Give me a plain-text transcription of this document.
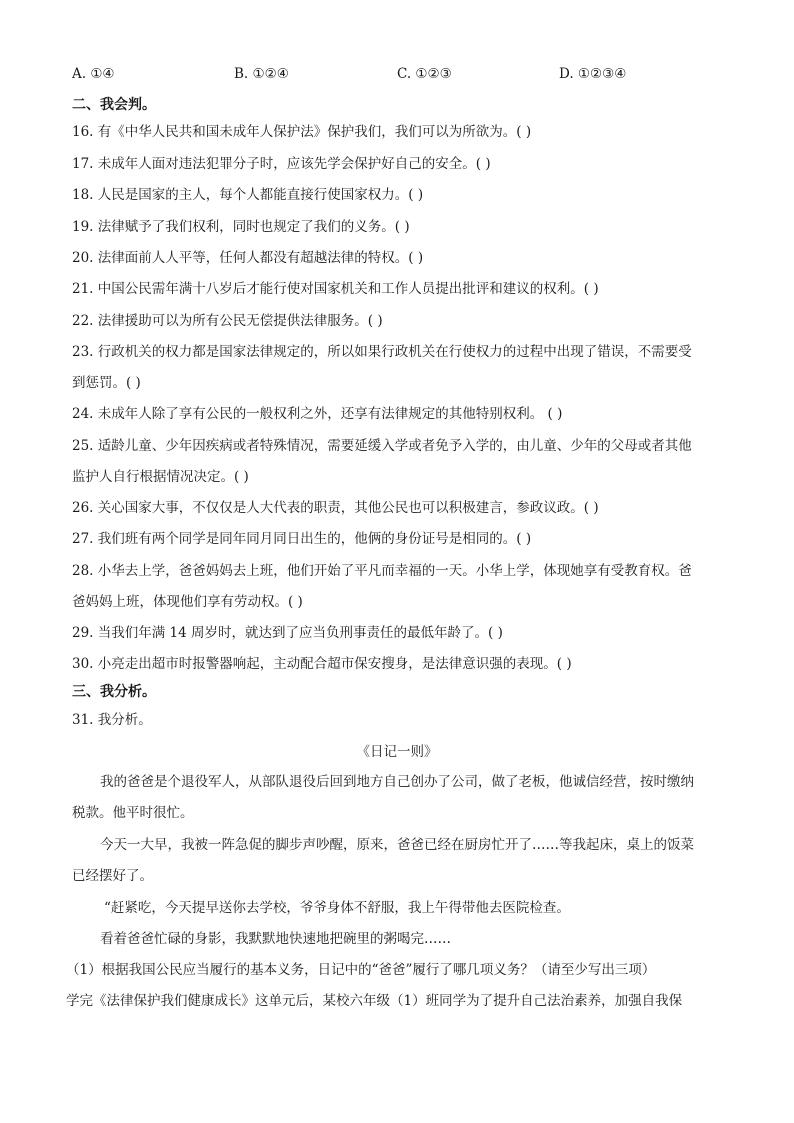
A. ①④	B. ①②④	C. ①②③	D. ①②③④
二、我会判。
16. 有《中华人民共和国未成年人保护法》保护我们，我们可以为所欲为。( )
17. 未成年人面对违法犯罪分子时，应该先学会保护好自己的安全。( )
18. 人民是国家的主人，每个人都能直接行使国家权力。( )
19. 法律赋予了我们权利，同时也规定了我们的义务。( )
20. 法律面前人人平等，任何人都没有超越法律的特权。( )
21. 中国公民需年满十八岁后才能行使对国家机关和工作人员提出批评和建议的权利。( )
22. 法律援助可以为所有公民无偿提供法律服务。( )
23. 行政机关的权力都是国家法律规定的，所以如果行政机关在行使权力的过程中出现了错误，不需要受
到惩罚。( )
24. 未成年人除了享有公民的一般权利之外，还享有法律规定的其他特别权利。 ( )
25. 适龄儿童、少年因疾病或者特殊情况，需要延缓入学或者免予入学的，由儿童、少年的父母或者其他
监护人自行根据情况决定。( )
26. 关心国家大事，不仅仅是人大代表的职责，其他公民也可以积极建言，参政议政。( )
27. 我们班有两个同学是同年同月同日出生的，他俩的身份证号是相同的。( )
28. 小华去上学，爸爸妈妈去上班，他们开始了平凡而幸福的一天。小华上学，体现她享有受教育权。爸
爸妈妈上班，体现他们享有劳动权。( )
29. 当我们年满 14 周岁时，就达到了应当负刑事责任的最低年龄了。( )
30. 小亮走出超市时报警器响起，主动配合超市保安搜身，是法律意识强的表现。( )
三、我分析。
31. 我分析。
《日记一则》
我的爸爸是个退役军人，从部队退役后回到地方自己创办了公司，做了老板，他诚信经营，按时缴纳
税款。他平时很忙。
今天一大早，我被一阵急促的脚步声吵醒，原来，爸爸已经在厨房忙开了……等我起床，桌上的饭菜
已经摆好了。
“赶紧吃，今天提早送你去学校，爷爷身体不舒服，我上午得带他去医院检查。
看着爸爸忙碌的身影，我默默地快速地把碗里的粥喝完……
（1）根据我国公民应当履行的基本义务，日记中的“爸爸”履行了哪几项义务？（请至少写出三项）
学完《法律保护我们健康成长》这单元后，某校六年级（1）班同学为了提升自己法治素养，加强自我保
